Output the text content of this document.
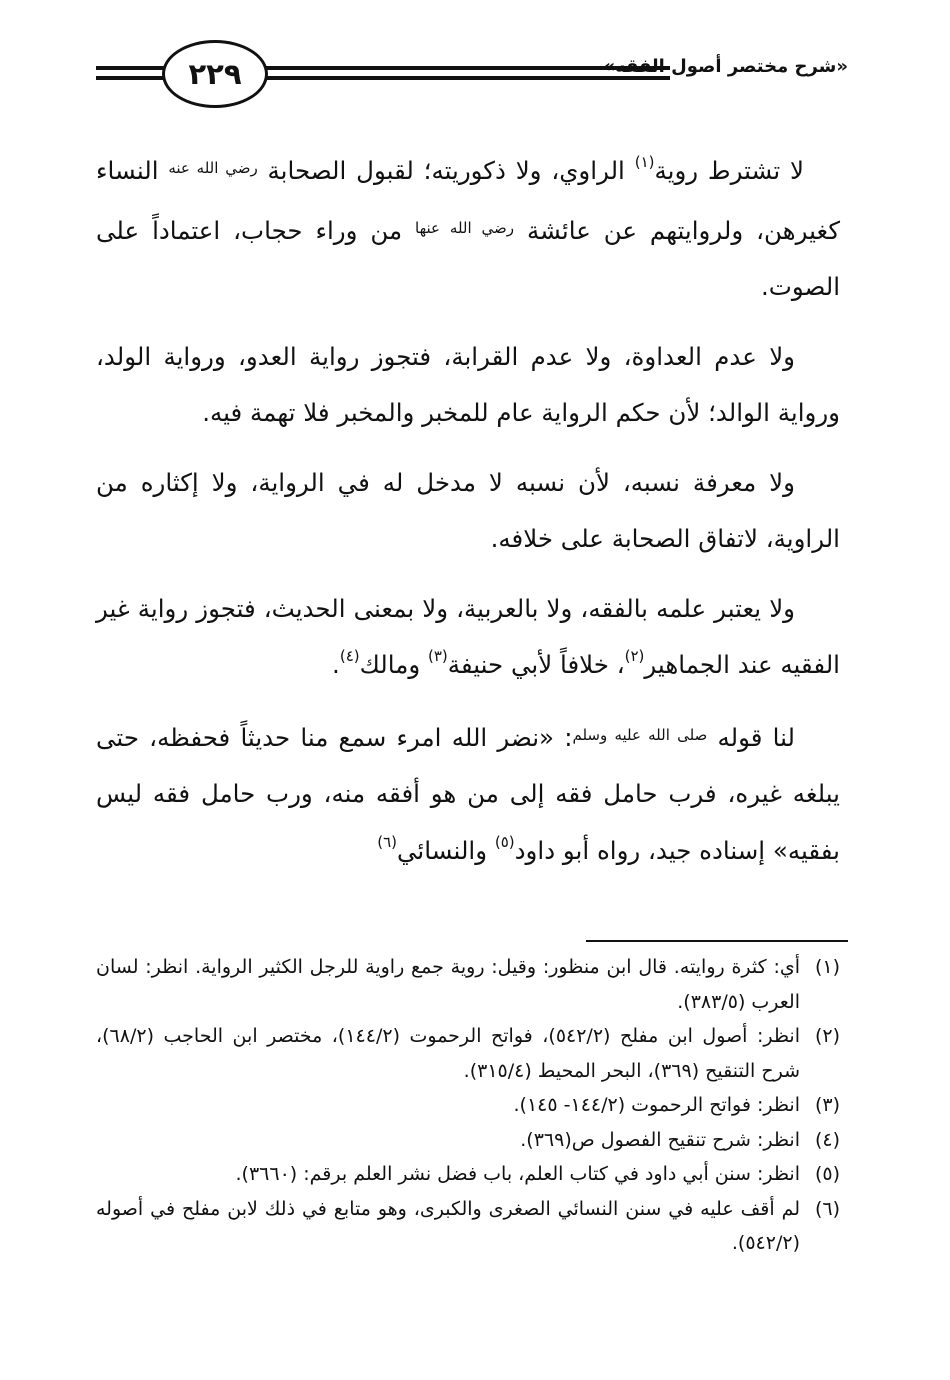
٢٢٩	«شرح مختصر أصول الفقه»

لا تشترط روية$^{(١)}$ الراوي، ولا ذكوريته؛ لقبول الصحابة $^{رضي الله عنه}$ النساء كغيرهن، ولروايتهم عن عائشة $^{رضي الله عنها}$ من وراء حجاب، اعتماداً على الصوت.

ولا عدم العداوة، ولا عدم القرابة، فتجوز رواية العدو، ورواية الولد، ورواية الوالد؛ لأن حكم الرواية عام للمخبر والمخبر فلا تهمة فيه.

ولا معرفة نسبه، لأن نسبه لا مدخل له في الرواية، ولا إكثاره من الراوية، لاتفاق الصحابة على خلافه.

ولا يعتبر علمه بالفقه، ولا بالعربية، ولا بمعنى الحديث، فتجوز رواية غير الفقيه عند الجماهير$^{(٢)}$، خلافاً لأبي حنيفة$^{(٣)}$ ومالك$^{(٤)}$.

لنا قوله $^{صلى الله عليه وسلم}$: «نضر الله امرء سمع منا حديثاً فحفظه، حتى يبلغه غيره، فرب حامل فقه إلى من هو أفقه منه، ورب حامل فقه ليس بفقيه» إسناده جيد، رواه أبو داود$^{(٥)}$ والنسائي$^{(٦)}$

(١)
أي: كثرة روايته. قال ابن منظور: وقيل: روية جمع راوية للرجل الكثير الرواية. انظر: لسان العرب (٣٨٣/٥).

(٢)
انظر: أصول ابن مفلح (٥٤٢/٢)، فواتح الرحموت (١٤٤/٢)، مختصر ابن الحاجب (٦٨/٢)، شرح التنقيح (٣٦٩)، البحر المحيط (٣١٥/٤).

(٣)
انظر: فواتح الرحموت (١٤٤/٢- ١٤٥).

(٤)
انظر: شرح تنقيح الفصول ص(٣٦٩).

(٥)
انظر: سنن أبي داود في كتاب العلم، باب فضل نشر العلم برقم: (٣٦٦٠).

(٦)
لم أقف عليه في سنن النسائي الصغرى والكبرى، وهو متابع في ذلك لابن مفلح في أصوله (٥٤٢/٢).
